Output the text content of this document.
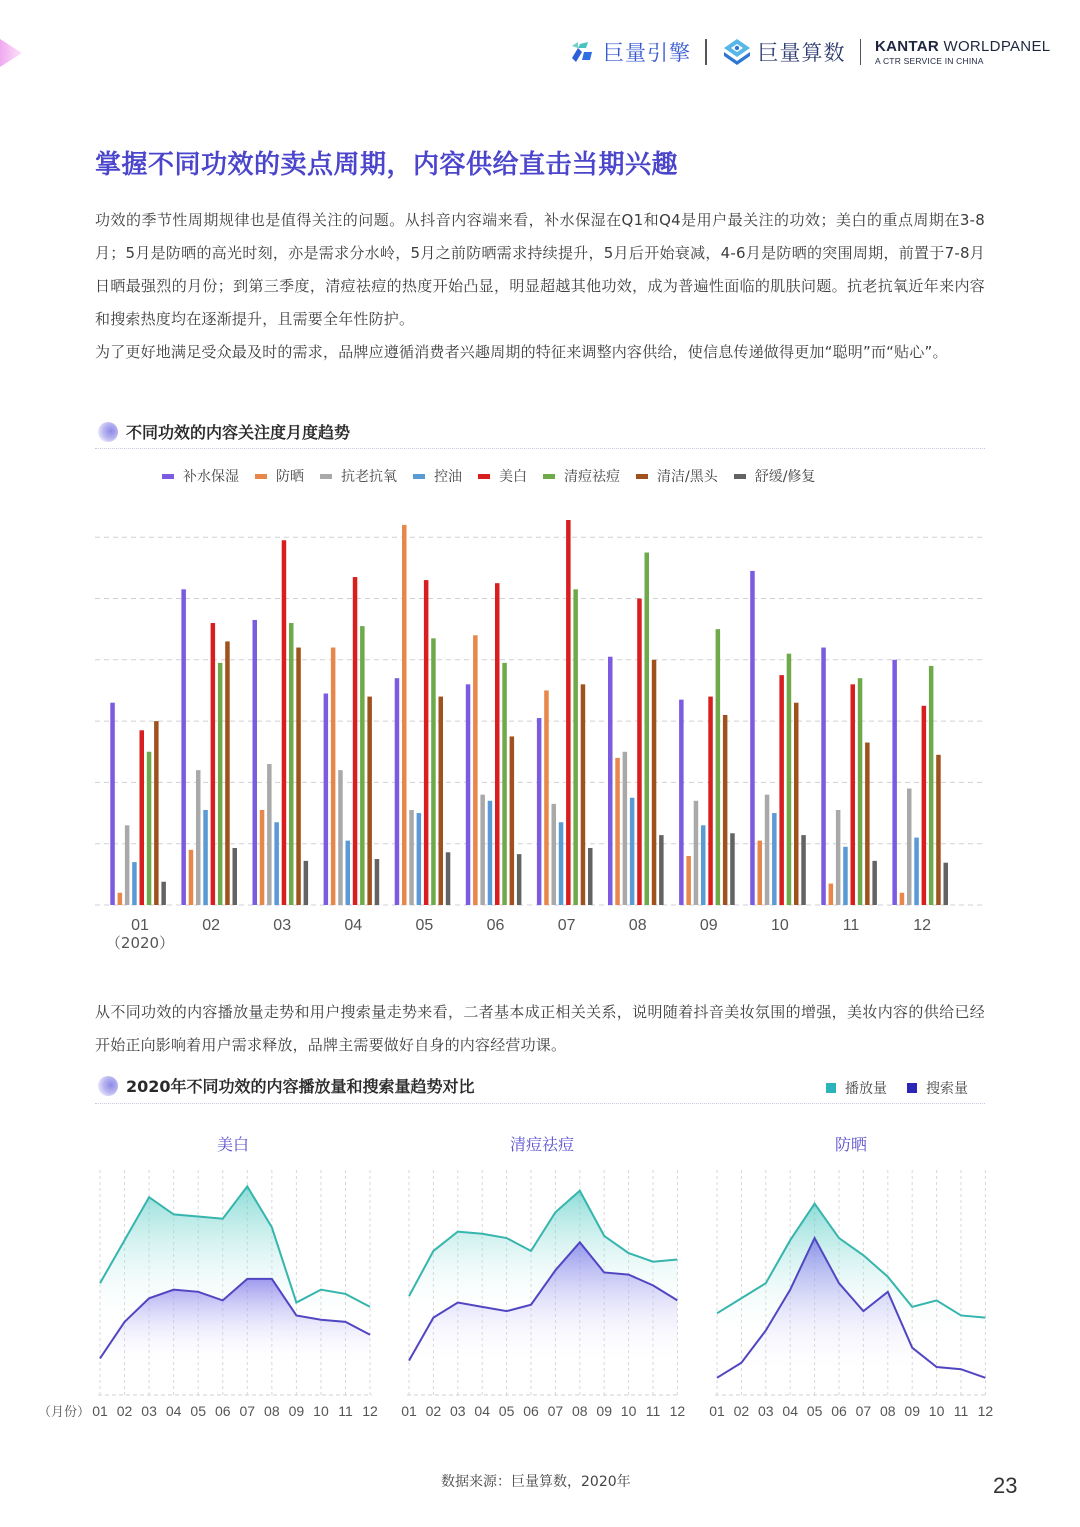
巨量引擎	巨量算数 KANTAR WORLDPANEL
A CTR SERVICE IN CHINA
掌握不同功效的卖点周期，内容供给直击当期兴趣

功效的季节性周期规律也是值得关注的问题。从抖音内容端来看，补水保湿在Q1和Q4是用户最关注的功效；美白的重点周期在3-8月；5月是防晒的高光时刻，亦是需求分水岭，5月之前防晒需求持续提升，5月后开始衰减，4-6月是防晒的突围周期，前置于7-8月日晒最强烈的月份；到第三季度，清痘祛痘的热度开始凸显，明显超越其他功效，成为普遍性面临的肌肤问题。抗老抗氧近年来内容和搜索热度均在逐渐提升，且需要全年性防护。

为了更好地满足受众最及时的需求，品牌应遵循消费者兴趣周期的特征来调整内容供给，使信息传递做得更加“聪明”而“贴心”。

不同功效的内容关注度月度趋势
补水保湿	防晒	抗老抗氧	控油	美白	清痘祛痘	清洁/黑头	舒缓/修复
01
（2020）
02	03	04	05	06	07	08	09	10	11	12

从不同功效的内容播放量走势和用户搜索量走势来看，二者基本成正相关关系，说明随着抖音美妆氛围的增强，美妆内容的供给已经开始正向影响着用户需求释放，品牌主需要做好自身的内容经营功课。

2020年不同功效的内容播放量和搜索量趋势对比	播放量	搜索量
美白
（月份） 01 02 03 04 05 06 07 08 09 10 11 12
清痘祛痘
01 02 03 04 05 06 07 08 09 10 11 12
防晒
01 02 03 04 05 06 07 08 09 10 11 12
数据来源：巨量算数，2020年	23
